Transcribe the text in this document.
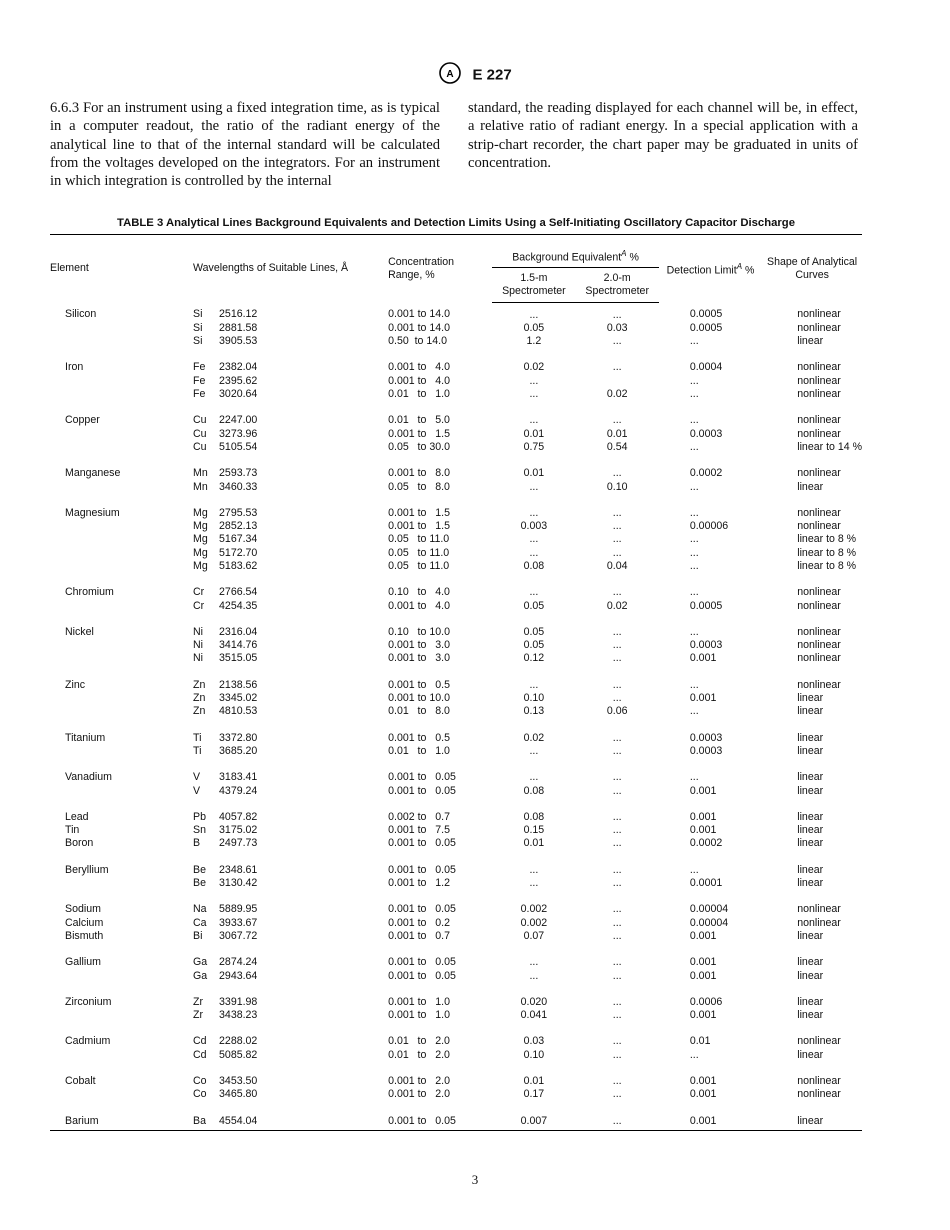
A E 227
6.6.3 For an instrument using a fixed integration time, as is typical in a computer readout, the ratio of the radiant energy of the analytical line to that of the internal standard will be calculated from the voltages developed on the integrators. For an instrument in which integration is controlled by the internal
standard, the reading displayed for each channel will be, in effect, a relative ratio of radiant energy. In a special application with a strip-chart recorder, the chart paper may be graduated in units of concentration.
TABLE 3 Analytical Lines Background Equivalents and Detection Limits Using a Self-Initiating Oscillatory Capacitor Discharge
Element	Wavelengths of Suitable Lines, Å	Concentration Range, %	Background Equivalent$^A$ %		Detection Limit$^A$ %	Shape of Analytical Curves
			1.5-m Spectrometer	2.0-m Spectrometer		
Silicon	Si 2516.12	0.001 to 14.0	...	...	0.0005	nonlinear
	Si 2881.58	0.001 to 14.0	0.05	0.03	0.0005	nonlinear
	Si 3905.53	0.50  to 14.0	1.2	...	...	linear
Iron	Fe 2382.04	0.001 to   4.0	0.02	...	0.0004	nonlinear
	Fe 2395.62	0.001 to   4.0	...		...	nonlinear
	Fe 3020.64	0.01   to   1.0	...	0.02	...	nonlinear
Copper	Cu 2247.00	0.01   to   5.0	...	...	...	nonlinear
	Cu 3273.96	0.001 to   1.5	0.01	0.01	0.0003	nonlinear
	Cu 5105.54	0.05   to 30.0	0.75	0.54	...	linear to 14 %
Manganese	Mn 2593.73	0.001 to   8.0	0.01	...	0.0002	nonlinear
	Mn 3460.33	0.05   to   8.0	...	0.10	...	linear
Magnesium	Mg 2795.53	0.001 to   1.5	...	...	...	nonlinear
	Mg 2852.13	0.001 to   1.5	0.003	...	0.00006	nonlinear
	Mg 5167.34	0.05   to 11.0	...	...	...	linear to 8 %
	Mg 5172.70	0.05   to 11.0	...	...	...	linear to 8 %
	Mg 5183.62	0.05   to 11.0	0.08	0.04	...	linear to 8 %
Chromium	Cr 2766.54	0.10   to   4.0	...	...	...	nonlinear
	Cr 4254.35	0.001 to   4.0	0.05	0.02	0.0005	nonlinear
Nickel	Ni 2316.04	0.10   to 10.0	0.05	...	...	nonlinear
	Ni 3414.76	0.001 to   3.0	0.05	...	0.0003	nonlinear
	Ni 3515.05	0.001 to   3.0	0.12	...	0.001	nonlinear
Zinc	Zn 2138.56	0.001 to   0.5	...	...	...	nonlinear
	Zn 3345.02	0.001 to 10.0	0.10	...	0.001	linear
	Zn 4810.53	0.01   to   8.0	0.13	0.06	...	linear
Titanium	Ti 3372.80	0.001 to   0.5	0.02	...	0.0003	linear
	Ti 3685.20	0.01   to   1.0	...	...	0.0003	linear
Vanadium	V 3183.41	0.001 to   0.05	...	...	...	linear
	V 4379.24	0.001 to   0.05	0.08	...	0.001	linear
Lead	Pb 4057.82	0.002 to   0.7	0.08	...	0.001	linear
Tin	Sn 3175.02	0.001 to   7.5	0.15	...	0.001	linear
Boron	B 2497.73	0.001 to   0.05	0.01	...	0.0002	linear
Beryllium	Be 2348.61	0.001 to   0.05	...	...	...	linear
	Be 3130.42	0.001 to   1.2	...	...	0.0001	linear
Sodium	Na 5889.95	0.001 to   0.05	0.002	...	0.00004	nonlinear
Calcium	Ca 3933.67	0.001 to   0.2	0.002	...	0.00004	nonlinear
Bismuth	Bi 3067.72	0.001 to   0.7	0.07	...	0.001	linear
Gallium	Ga 2874.24	0.001 to   0.05	...	...	0.001	linear
	Ga 2943.64	0.001 to   0.05	...	...	0.001	linear
Zirconium	Zr 3391.98	0.001 to   1.0	0.020	...	0.0006	linear
	Zr 3438.23	0.001 to   1.0	0.041	...	0.001	linear
Cadmium	Cd 2288.02	0.01   to   2.0	0.03	...	0.01	nonlinear
	Cd 5085.82	0.01   to   2.0	0.10	...	...	linear
Cobalt	Co 3453.50	0.001 to   2.0	0.01	...	0.001	nonlinear
	Co 3465.80	0.001 to   2.0	0.17	...	0.001	nonlinear
Barium	Ba 4554.04	0.001 to   0.05	0.007	...	0.001	linear
3
